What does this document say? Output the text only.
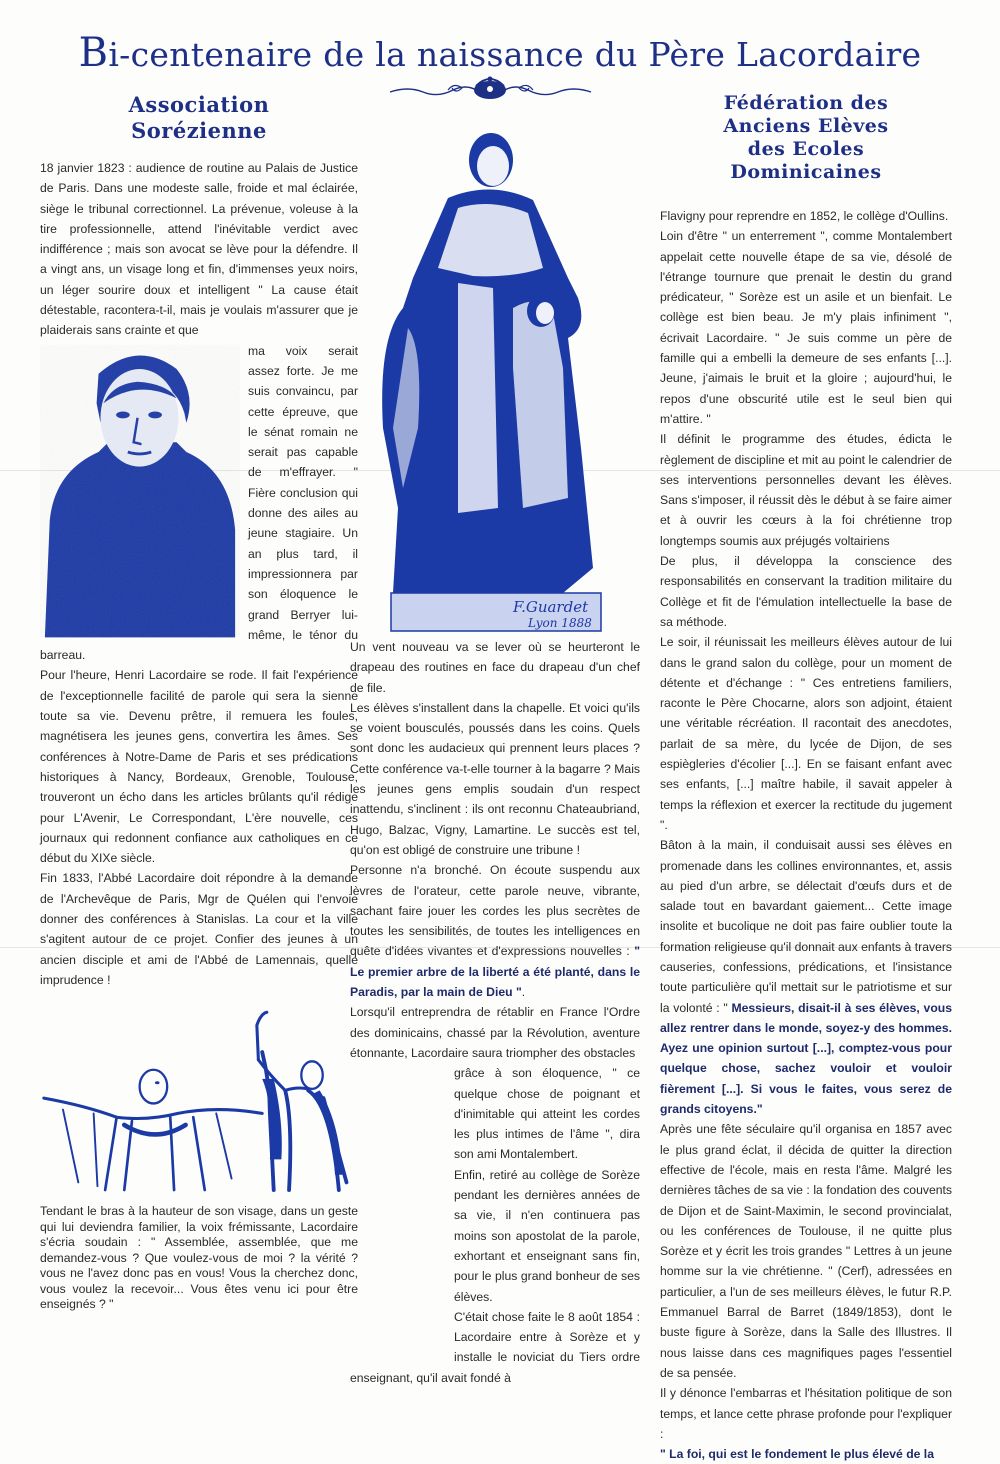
Bi-centenaire de la naissance du Père Lacordaire
Association
Sorézienne

18 janvier 1823 : audience de routine au Palais de Justice de Paris. Dans une modeste salle, froide et mal éclairée, siège le tribunal correctionnel. La prévenue, voleuse à la tire professionnelle, attend l'inévitable verdict avec indifférence ; mais son avocat se lève pour la défendre. Il a vingt ans, un visage long et fin, d'immenses yeux noirs, un léger sourire doux et intelligent " La cause était détestable, racontera-t-il, mais je voulais m'assurer que je plaiderais sans crainte et que

ma voix serait assez forte. Je me suis convaincu, par cette épreuve, que le sénat romain ne serait pas capable de m'effrayer. " Fière conclusion qui donne des ailes au jeune stagiaire. Un an plus tard, il impressionnera par son éloquence le grand Berryer lui-même, le ténor du barreau.

Pour l'heure, Henri Lacordaire se rode. Il fait l'expérience de l'exceptionnelle facilité de parole qui sera la sienne toute sa vie. Devenu prêtre, il remuera les foules, magnétisera les jeunes gens, convertira les âmes. Ses conférences à Notre-Dame de Paris et ses prédications historiques à Nancy, Bordeaux, Grenoble, Toulouse, trouveront un écho dans les articles brûlants qu'il rédige pour L'Avenir, Le Correspondant, L'ère nouvelle, ces journaux qui redonnent confiance aux catholiques en ce début du XIXe siècle.

Fin 1833, l'Abbé Lacordaire doit répondre à la demande de l'Archevêque de Paris, Mgr de Quélen qui l'envoie donner des conférences à Stanislas. La cour et la ville s'agitent autour de ce projet. Confier des jeunes à un ancien disciple et ami de l'Abbé de Lamennais, quelle imprudence !

Tendant le bras à la hauteur de son visage, dans un geste qui lui deviendra familier, la voix frémissante, Lacordaire s'écria soudain : " Assemblée, assemblée, que me demandez-vous ? Que voulez-vous de moi ? la vérité ? vous ne l'avez donc pas en vous! Vous la cherchez donc, vous voulez la recevoir... Vous êtes venu ici pour être enseignés ? "

F.Guardet
Lyon 1888

Un vent nouveau va se lever où se heurteront le drapeau des routines en face du drapeau d'un chef de file.

Les élèves s'installent dans la chapelle. Et voici qu'ils se voient bousculés, poussés dans les coins. Quels sont donc les audacieux qui prennent leurs places ? Cette conférence va-t-elle tourner à la bagarre ? Mais les jeunes gens emplis soudain d'un respect inattendu, s'inclinent : ils ont reconnu Chateaubriand, Hugo, Balzac, Vigny, Lamartine. Le succès est tel, qu'on est obligé de construire une tribune !

Personne n'a bronché. On écoute suspendu aux lèvres de l'orateur, cette parole neuve, vibrante, sachant faire jouer les cordes les plus secrètes de toutes les sensibilités, de toutes les intelligences en quête d'idées vivantes et d'expressions nouvelles : " Le premier arbre de la liberté a été planté, dans le Paradis, par la main de Dieu ".

Lorsqu'il entreprendra de rétablir en France l'Ordre des dominicains, chassé par la Révolution, aventure étonnante, Lacordaire saura triompher des obstacles

grâce à son éloquence, " ce quelque chose de poignant et d'inimitable qui atteint les cordes les plus intimes de l'âme ", dira son ami Montalembert.

Enfin, retiré au collège de Sorèze pendant les dernières années de sa vie, il n'en continuera pas moins son apostolat de la parole, exhortant et enseignant sans fin, pour le plus grand bonheur de ses élèves.

C'était chose faite le 8 août 1854 : Lacordaire entre à Sorèze et y installe le noviciat du Tiers ordre enseignant, qu'il avait fondé à

Fédération des
Anciens Elèves
des Ecoles
Dominicaines

Flavigny pour reprendre en 1852, le collège d'Oullins.

Loin d'être " un enterrement ", comme Montalembert appelait cette nouvelle étape de sa vie, désolé de l'étrange tournure que prenait le destin du grand prédicateur, " Sorèze est un asile et un bienfait. Le collège est bien beau. Je m'y plais infiniment ", écrivait Lacordaire. " Je suis comme un père de famille qui a embelli la demeure de ses enfants [...]. Jeune, j'aimais le bruit et la gloire ; aujourd'hui, le repos d'une obscurité utile est le seul bien qui m'attire. "

Il définit le programme des études, édicta le règlement de discipline et mit au point le calendrier de ses interventions personnelles devant les élèves. Sans s'imposer, il réussit dès le début à se faire aimer et à ouvrir les cœurs à la foi chrétienne trop longtemps soumis aux préjugés voltairiens

De plus, il développa la conscience des responsabilités en conservant la tradition militaire du Collège et fit de l'émulation intellectuelle la base de sa méthode.

Le soir, il réunissait les meilleurs élèves autour de lui dans le grand salon du collège, pour un moment de détente et d'échange : " Ces entretiens familiers, raconte le Père Chocarne, alors son adjoint, étaient une véritable récréation. Il racontait des anecdotes, parlait de sa mère, du lycée de Dijon, de ses espiègleries d'écolier [...]. En se faisant enfant avec ses enfants, [...] maître habile, il savait appeler à temps la réflexion et exercer la rectitude du jugement ".

Bâton à la main, il conduisait aussi ses élèves en promenade dans les collines environnantes, et, assis au pied d'un arbre, se délectait d'œufs durs et de salade tout en bavardant gaiement... Cette image insolite et bucolique ne doit pas faire oublier toute la formation religieuse qu'il donnait aux enfants à travers causeries, confessions, prédications, et l'insistance toute particulière qu'il mettait sur le patriotisme et sur la volonté : " Messieurs, disait-il à ses élèves, vous allez rentrer dans le monde, soyez-y des hommes. Ayez une opinion surtout [...], comptez-vous pour quelque chose, sachez vouloir et vouloir fièrement [...]. Si vous le faites, vous serez de grands citoyens."

Après une fête séculaire qu'il organisa en 1857 avec le plus grand éclat, il décida de quitter la direction effective de l'école, mais en resta l'âme. Malgré les dernières tâches de sa vie : la fondation des couvents de Dijon et de Saint-Maximin, le second provincialat, ou les conférences de Toulouse, il ne quitte plus Sorèze et y écrit les trois grandes " Lettres à un jeune homme sur la vie chrétienne. " (Cerf), adressées en particulier, a l'un de ses meilleurs élèves, le futur R.P. Emmanuel Barral de Barret (1849/1853), dont le buste figure à Sorèze, dans la Salle des Illustres. Il nous laisse dans ces magnifiques pages l'essentiel de sa pensée.

Il y dénonce l'embarras et l'hésitation politique de son temps, et lance cette phrase profonde pour l'expliquer :

" La foi, qui est le fondement le plus élevé de la
